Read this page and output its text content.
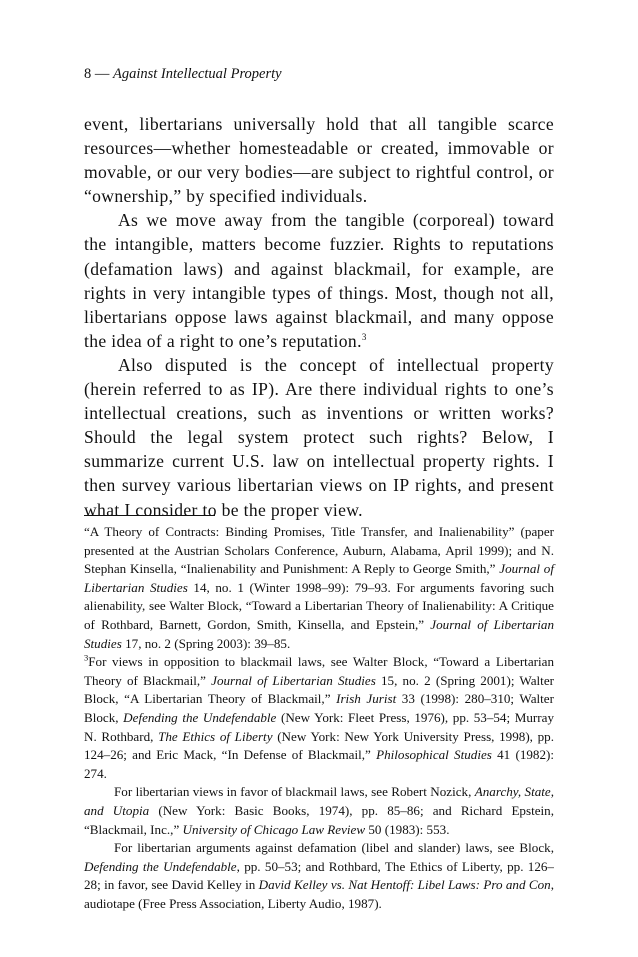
8 — Against Intellectual Property

event, libertarians universally hold that all tangible scarce resources—whether homesteadable or created, immovable or movable, or our very bodies—are subject to rightful control, or “ownership,” by specified individuals.

As we move away from the tangible (corporeal) toward the intangible, matters become fuzzier. Rights to reputations (defamation laws) and against blackmail, for example, are rights in very intangible types of things. Most, though not all, libertarians oppose laws against blackmail, and many oppose the idea of a right to one’s reputation.$^3$

Also disputed is the concept of intellectual property (herein referred to as IP). Are there individual rights to one’s intellectual creations, such as inventions or written works? Should the legal system protect such rights? Below, I summarize current U.S. law on intellectual property rights. I then survey various libertarian views on IP rights, and present what I consider to be the proper view.

“A Theory of Contracts: Binding Promises, Title Transfer, and Inalienability” (paper presented at the Austrian Scholars Conference, Auburn, Alabama, April 1999); and N. Stephan Kinsella, “Inalienability and Punishment: A Reply to George Smith,” Journal of Libertarian Studies 14, no. 1 (Winter 1998–99): 79–93. For arguments favoring such alienability, see Walter Block, “Toward a Libertarian Theory of Inalienability: A Critique of Rothbard, Barnett, Gordon, Smith, Kinsella, and Epstein,” Journal of Libertarian Studies 17, no. 2 (Spring 2003): 39–85.

$^3$For views in opposition to blackmail laws, see Walter Block, “Toward a Libertarian Theory of Blackmail,” Journal of Libertarian Studies 15, no. 2 (Spring 2001); Walter Block, “A Libertarian Theory of Blackmail,” Irish Jurist 33 (1998): 280–310; Walter Block, Defending the Undefendable (New York: Fleet Press, 1976), pp. 53–54; Murray N. Rothbard, The Ethics of Liberty (New York: New York University Press, 1998), pp. 124–26; and Eric Mack, “In Defense of Blackmail,” Philosophical Studies 41 (1982): 274.

For libertarian views in favor of blackmail laws, see Robert Nozick, Anarchy, State, and Utopia (New York: Basic Books, 1974), pp. 85–86; and Richard Epstein, “Blackmail, Inc.,” University of Chicago Law Review 50 (1983): 553.

For libertarian arguments against defamation (libel and slander) laws, see Block, Defending the Undefendable, pp. 50–53; and Rothbard, The Ethics of Liberty, pp. 126–28; in favor, see David Kelley in David Kelley vs. Nat Hentoff: Libel Laws: Pro and Con, audiotape (Free Press Association, Liberty Audio, 1987).
